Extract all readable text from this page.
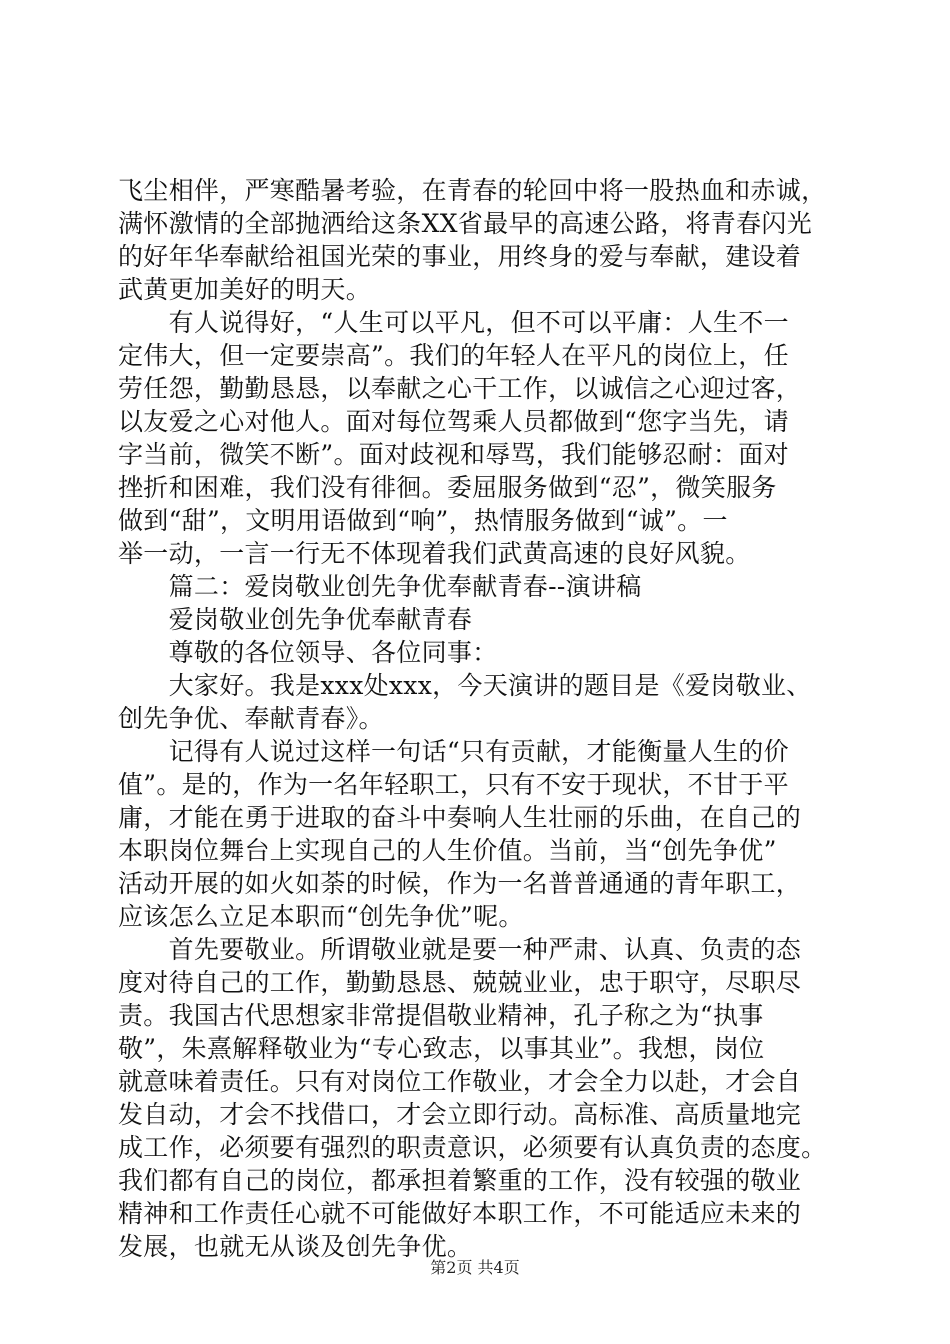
飞尘相伴，严寒酷暑考验，在青春的轮回中将一股热血和赤诚，
满怀激情的全部抛洒给这条XX省最早的高速公路，将青春闪光
的好年华奉献给祖国光荣的事业，用终身的爱与奉献，建设着
武黄更加美好的明天。
　　有人说得好，“人生可以平凡，但不可以平庸：人生不一
定伟大，但一定要崇高”。我们的年轻人在平凡的岗位上，任
劳任怨，勤勤恳恳，以奉献之心干工作，以诚信之心迎过客，
以友爱之心对他人。面对每位驾乘人员都做到“您字当先，请
字当前，微笑不断”。面对歧视和辱骂，我们能够忍耐：面对
挫折和困难，我们没有徘徊。委屈服务做到“忍”，微笑服务
做到“甜”，文明用语做到“响”，热情服务做到“诚”。一
举一动，一言一行无不体现着我们武黄高速的良好风貌。
　　篇二：爱岗敬业创先争优奉献青春--演讲稿
　　爱岗敬业创先争优奉献青春
　　尊敬的各位领导、各位同事：
　　大家好。我是xxx处xxx，今天演讲的题目是《爱岗敬业、
创先争优、奉献青春》。
　　记得有人说过这样一句话“只有贡献，才能衡量人生的价
值”。是的，作为一名年轻职工，只有不安于现状，不甘于平
庸，才能在勇于进取的奋斗中奏响人生壮丽的乐曲，在自己的
本职岗位舞台上实现自己的人生价值。当前，当“创先争优”
活动开展的如火如荼的时候，作为一名普普通通的青年职工，
应该怎么立足本职而“创先争优”呢。
　　首先要敬业。所谓敬业就是要一种严肃、认真、负责的态
度对待自己的工作，勤勤恳恳、兢兢业业，忠于职守，尽职尽
责。我国古代思想家非常提倡敬业精神，孔子称之为“执事
敬”，朱熹解释敬业为“专心致志，以事其业”。我想，岗位
就意味着责任。只有对岗位工作敬业，才会全力以赴，才会自
发自动，才会不找借口，才会立即行动。高标准、高质量地完
成工作，必须要有强烈的职责意识，必须要有认真负责的态度。
我们都有自己的岗位，都承担着繁重的工作，没有较强的敬业
精神和工作责任心就不可能做好本职工作，不可能适应未来的
发展，也就无从谈及创先争优。
第2页 共4页
